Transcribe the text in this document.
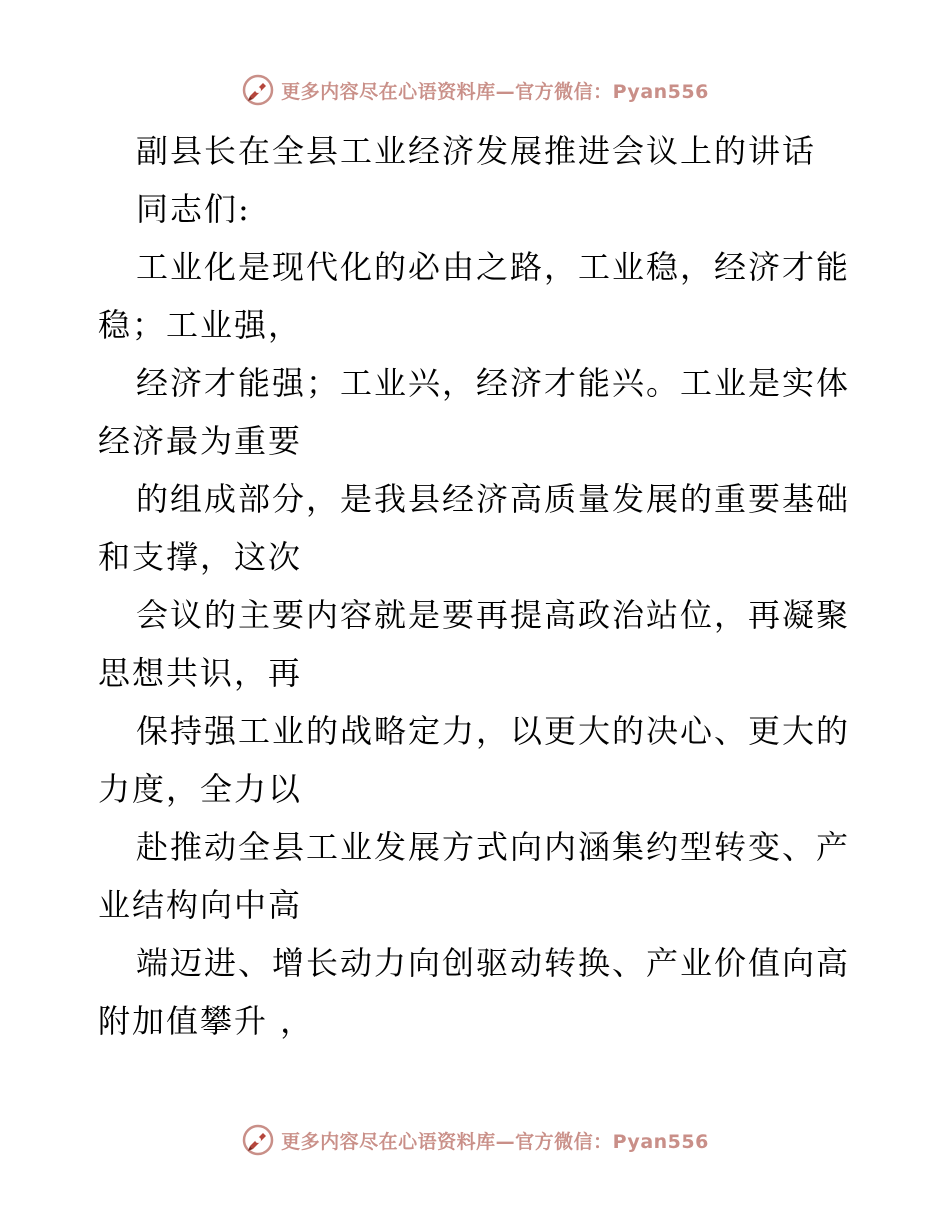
更多内容尽在心语资料库—官方微信：Pyan556
副县长在全县工业经济发展推进会议上的讲话
同志们:
工业化是现代化的必由之路，工业稳，经济才能
稳；工业强，
经济才能强；工业兴，经济才能兴。工业是实体
经济最为重要
的组成部分，是我县经济高质量发展的重要基础
和支撑，这次
会议的主要内容就是要再提高政治站位，再凝聚
思想共识，再
保持强工业的战略定力，以更大的决心、更大的
力度，全力以
赴推动全县工业发展方式向内涵集约型转变、产
业结构向中高
端迈进、增长动力向创驱动转换、产业价值向高
附加值攀升 ，
更多内容尽在心语资料库—官方微信：Pyan556
